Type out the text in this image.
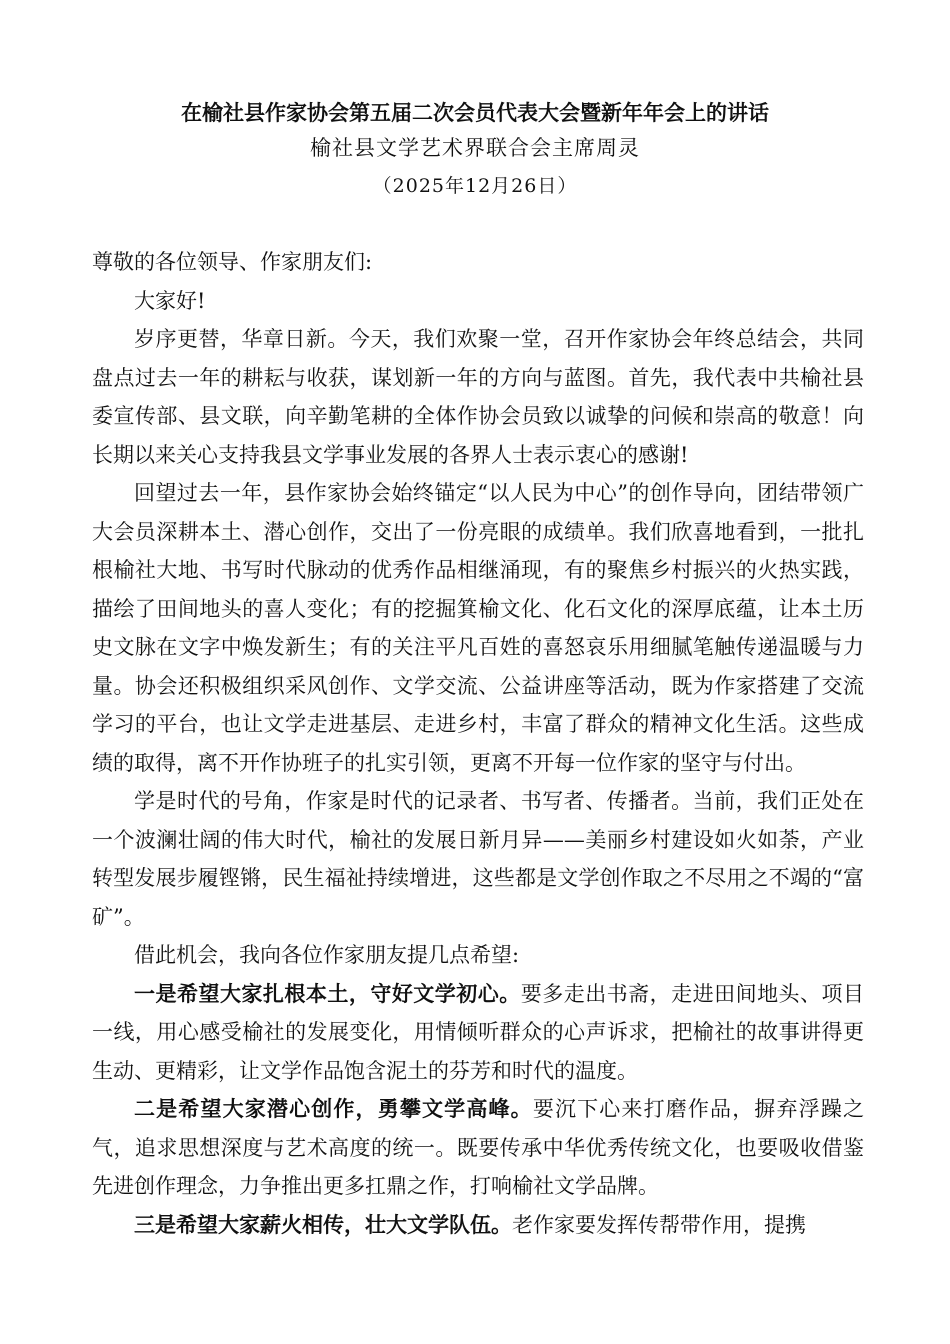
在榆社县作家协会第五届二次会员代表大会暨新年年会上的讲话
榆社县文学艺术界联合会主席周灵
（2025年12月26日）

尊敬的各位领导、作家朋友们:

大家好!

岁序更替，华章日新。今天，我们欢聚一堂，召开作家协会年终总结会，共同盘点过去一年的耕耘与收获，谋划新一年的方向与蓝图。首先，我代表中共榆社县委宣传部、县文联，向辛勤笔耕的全体作协会员致以诚挚的问候和崇高的敬意！向长期以来关心支持我县文学事业发展的各界人士表示衷心的感谢!

回望过去一年，县作家协会始终锚定“以人民为中心”的创作导向，团结带领广大会员深耕本土、潜心创作，交出了一份亮眼的成绩单。我们欣喜地看到，一批扎根榆社大地、书写时代脉动的优秀作品相继涌现，有的聚焦乡村振兴的火热实践，描绘了田间地头的喜人变化；有的挖掘箕榆文化、化石文化的深厚底蕴，让本土历史文脉在文字中焕发新生；有的关注平凡百姓的喜怒哀乐用细腻笔触传递温暖与力量。协会还积极组织采风创作、文学交流、公益讲座等活动，既为作家搭建了交流学习的平台，也让文学走进基层、走进乡村，丰富了群众的精神文化生活。这些成绩的取得，离不开作协班子的扎实引领，更离不开每一位作家的坚守与付出。

学是时代的号角，作家是时代的记录者、书写者、传播者。当前，我们正处在一个波澜壮阔的伟大时代，榆社的发展日新月异——美丽乡村建设如火如荼，产业转型发展步履铿锵，民生福祉持续增进，这些都是文学创作取之不尽用之不竭的“富矿”。

借此机会，我向各位作家朋友提几点希望:

一是希望大家扎根本土，守好文学初心。要多走出书斋，走进田间地头、项目一线，用心感受榆社的发展变化，用情倾听群众的心声诉求，把榆社的故事讲得更生动、更精彩，让文学作品饱含泥土的芬芳和时代的温度。

二是希望大家潜心创作，勇攀文学高峰。要沉下心来打磨作品，摒弃浮躁之气，追求思想深度与艺术高度的统一。既要传承中华优秀传统文化，也要吸收借鉴先进创作理念，力争推出更多扛鼎之作，打响榆社文学品牌。

三是希望大家薪火相传，壮大文学队伍。老作家要发挥传帮带作用，提携
